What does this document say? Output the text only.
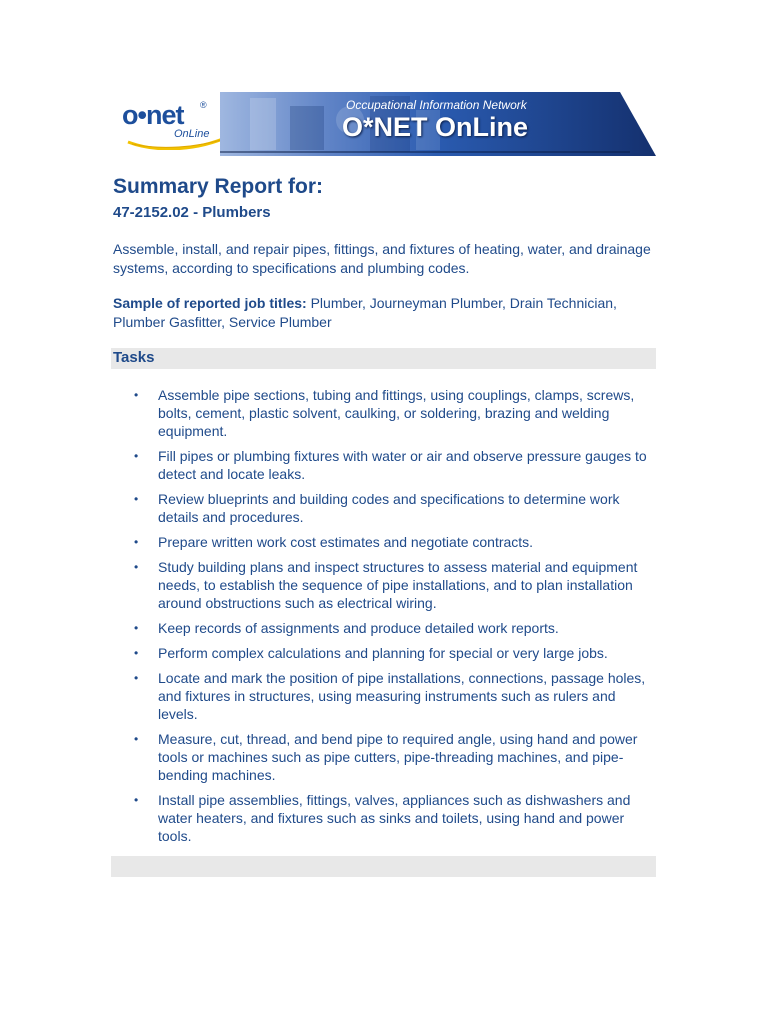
o•net ®
OnLine
Occupational Information Network
O*NET OnLine
Summary Report for:
47-2152.02 - Plumbers

Assemble, install, and repair pipes, fittings, and fixtures of heating, water, and drainage systems, according to specifications and plumbing codes.

Sample of reported job titles: Plumber, Journeyman Plumber, Drain Technician, Plumber Gasfitter, Service Plumber

Tasks
• Assemble pipe sections, tubing and fittings, using couplings, clamps, screws, bolts, cement, plastic solvent, caulking, or soldering, brazing and welding equipment.
• Fill pipes or plumbing fixtures with water or air and observe pressure gauges to detect and locate leaks.
• Review blueprints and building codes and specifications to determine work details and procedures.
• Prepare written work cost estimates and negotiate contracts.
• Study building plans and inspect structures to assess material and equipment needs, to establish the sequence of pipe installations, and to plan installation around obstructions such as electrical wiring.
• Keep records of assignments and produce detailed work reports.
• Perform complex calculations and planning for special or very large jobs.
• Locate and mark the position of pipe installations, connections, passage holes, and fixtures in structures, using measuring instruments such as rulers and levels.
• Measure, cut, thread, and bend pipe to required angle, using hand and power tools or machines such as pipe cutters, pipe-threading machines, and pipe-bending machines.
• Install pipe assemblies, fittings, valves, appliances such as dishwashers and water heaters, and fixtures such as sinks and toilets, using hand and power tools.
